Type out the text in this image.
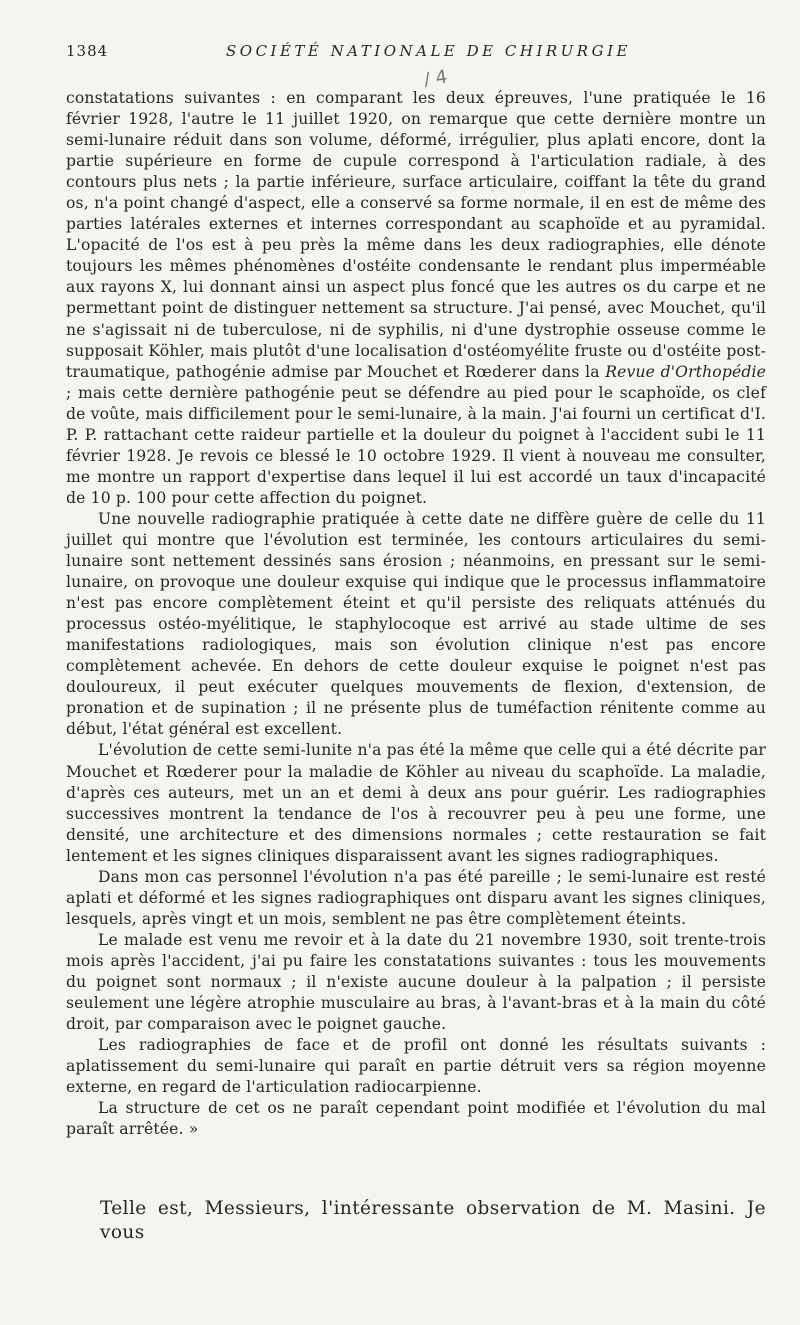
1384	SOCIÉTÉ NATIONALE DE CHIRURGIE
/ 4

constatations suivantes : en comparant les deux épreuves, l'une pratiquée le 16 février 1928, l'autre le 11 juillet 1920, on remarque que cette dernière montre un semi-lunaire réduit dans son volume, déformé, irrégulier, plus aplati encore, dont la partie supérieure en forme de cupule correspond à l'articulation radiale, à des contours plus nets ; la partie inférieure, surface articulaire, coiffant la tête du grand os, n'a point changé d'aspect, elle a conservé sa forme normale, il en est de même des parties latérales externes et internes correspondant au scaphoïde et au pyramidal. L'opacité de l'os est à peu près la même dans les deux radiographies, elle dénote toujours les mêmes phénomènes d'ostéite condensante le rendant plus imperméable aux rayons X, lui donnant ainsi un aspect plus foncé que les autres os du carpe et ne permettant point de distinguer nettement sa structure. J'ai pensé, avec Mouchet, qu'il ne s'agissait ni de tuberculose, ni de syphilis, ni d'une dystrophie osseuse comme le supposait Köhler, mais plutôt d'une localisation d'ostéomyélite fruste ou d'ostéite post-traumatique, pathogénie admise par Mouchet et Rœderer dans la Revue d'Orthopédie ; mais cette dernière pathogénie peut se défendre au pied pour le scaphoïde, os clef de voûte, mais difficilement pour le semi-lunaire, à la main. J'ai fourni un certificat d'I. P. P. rattachant cette raideur partielle et la douleur du poignet à l'accident subi le 11 février 1928. Je revois ce blessé le 10 octobre 1929. Il vient à nouveau me consulter, me montre un rapport d'expertise dans lequel il lui est accordé un taux d'incapacité de 10 p. 100 pour cette affection du poignet.

Une nouvelle radiographie pratiquée à cette date ne diffère guère de celle du 11 juillet qui montre que l'évolution est terminée, les contours articulaires du semi-lunaire sont nettement dessinés sans érosion ; néanmoins, en pressant sur le semi-lunaire, on provoque une douleur exquise qui indique que le processus inflammatoire n'est pas encore complètement éteint et qu'il persiste des reliquats atténués du processus ostéo-myélitique, le staphylocoque est arrivé au stade ultime de ses manifestations radiologiques, mais son évolution clinique n'est pas encore complètement achevée. En dehors de cette douleur exquise le poignet n'est pas douloureux, il peut exécuter quelques mouvements de flexion, d'extension, de pronation et de supination ; il ne présente plus de tuméfaction rénitente comme au début, l'état général est excellent.

L'évolution de cette semi-lunite n'a pas été la même que celle qui a été décrite par Mouchet et Rœderer pour la maladie de Köhler au niveau du scaphoïde. La maladie, d'après ces auteurs, met un an et demi à deux ans pour guérir. Les radiographies successives montrent la tendance de l'os à recouvrer peu à peu une forme, une densité, une architecture et des dimensions normales ; cette restauration se fait lentement et les signes cliniques disparaissent avant les signes radiographiques.

Dans mon cas personnel l'évolution n'a pas été pareille ; le semi-lunaire est resté aplati et déformé et les signes radiographiques ont disparu avant les signes cliniques, lesquels, après vingt et un mois, semblent ne pas être complètement éteints.

Le malade est venu me revoir et à la date du 21 novembre 1930, soit trente-trois mois après l'accident, j'ai pu faire les constatations suivantes : tous les mouvements du poignet sont normaux ; il n'existe aucune douleur à la palpation ; il persiste seulement une légère atrophie musculaire au bras, à l'avant-bras et à la main du côté droit, par comparaison avec le poignet gauche.

Les radiographies de face et de profil ont donné les résultats suivants : aplatissement du semi-lunaire qui paraît en partie détruit vers sa région moyenne externe, en regard de l'articulation radiocarpienne.

La structure de cet os ne paraît cependant point modifiée et l'évolution du mal paraît arrêtée. »

Telle est, Messieurs, l'intéressante observation de M. Masini. Je vous
